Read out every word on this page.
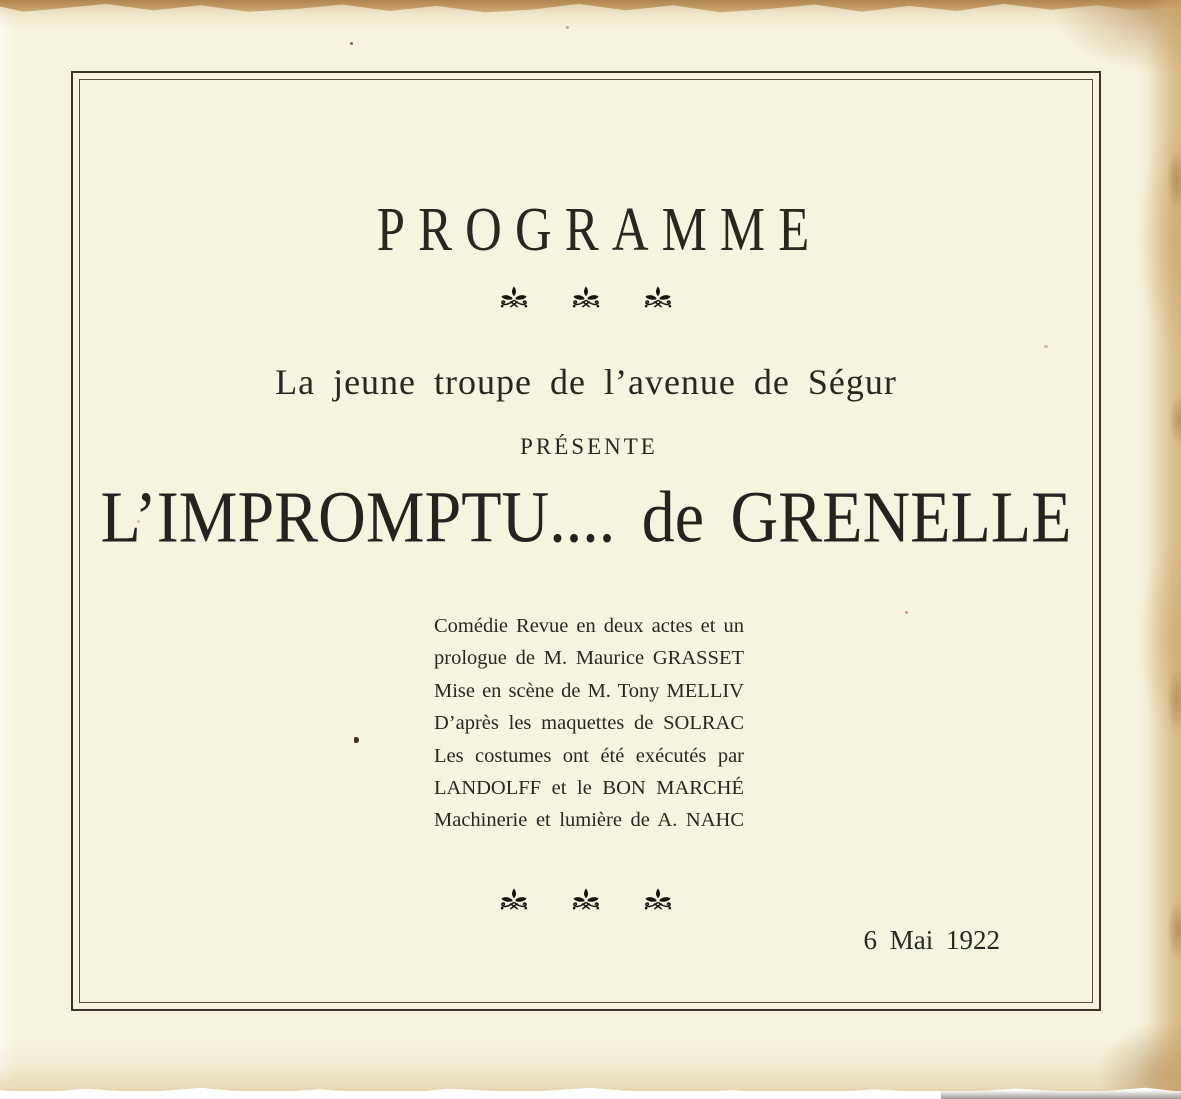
PROGRAMME
La jeune troupe de l’avenue de Ségur
PRÉSENTE
L’IMPROMPTU.... de GRENELLE
Comédie Revue en deux actes et un
prologue de M. Maurice GRASSET
Mise en scène de M. Tony MELLIV
D’après les maquettes de SOLRAC
Les costumes ont été exécutés par
LANDOLFF et le BON MARCHÉ
Machinerie et lumière de A. NAHC
6 Mai 1922
